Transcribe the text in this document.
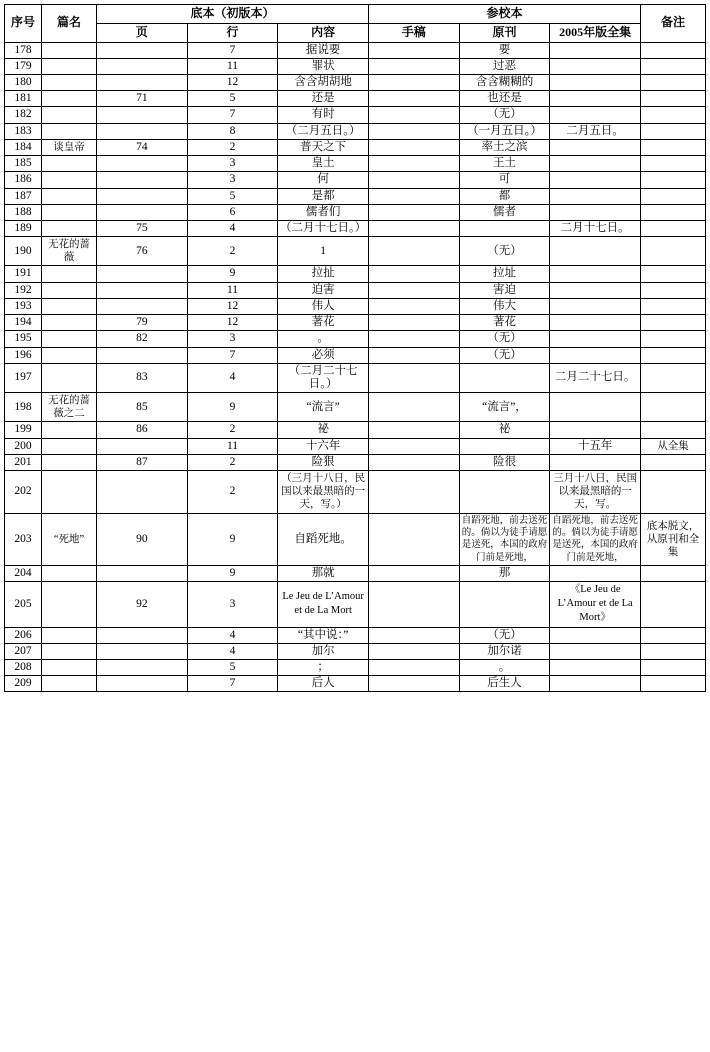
序号	篇名	底本（初版本）			参校本			备注
		页	行	内容	手稿	原刊	2005年版全集	
178			7	据说要		要		
179			11	罪状		过恶		
180			12	含含胡胡地		含含糊糊的		
181		71	5	还是		也还是		
182			7	有时		（无）		
183			8	（二月五日。）		（一月五日。）	二月五日。	
184	谈皇帝	74	2	普天之下		率土之滨		
185			3	皇土		王土		
186			3	何		可		
187			5	是都		都		
188			6	儒者们		儒者		
189		75	4	（二月十七日。）			二月十七日。	
190	无花的蔷薇	76	2	1		（无）		
191			9	拉扯		拉址		
192			11	迫害		害迫		
193			12	伟人		伟大		
194		79	12	著花		著花		
195		82	3	。		（无）		
196			7	必须		（无）		
197		83	4	（二月二十七日。）			二月二十七日。	
198	无花的蔷薇之二	85	9	“流言”		“流言”，		
199		86	2	祕		祕		
200			11	十六年			十五年	从全集
201		87	2	险狠		险很		
202			2	（三月十八日，民国以来最黑暗的一天，写。）			三月十八日，民国以来最黑暗的一天，写。	
203	“死地”	90	9	自蹈死地。		自蹈死地，前去送死的。倘以为徒手请愿是送死，本国的政府门前是死地，	自蹈死地，前去送死的。倘以为徒手请愿是送死，本国的政府门前是死地，	底本脱文，从原刊和全集
204			9	那就		那		
205		92	3	Le Jeu de L’Amour et de La Mort			《Le Jeu de L’Amour et de La Mort》	
206			4	“其中说：”		（无）		
207			4	加尔		加尔诺		
208			5	；		。		
209			7	后人		后生人		
